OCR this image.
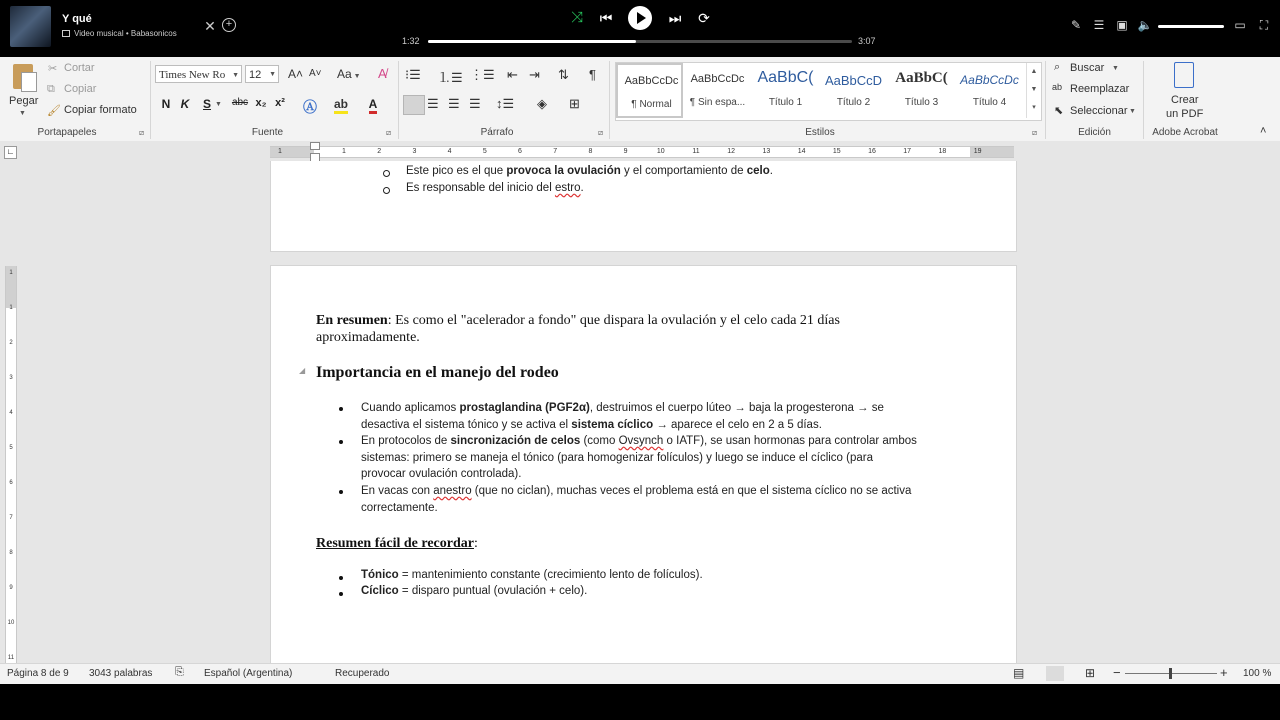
Y qué
Video musical • Babasonicos ✕ +	⤨ ⏮	⏭ ⟳
1:32	3:07
✎ ☰ ▣ 🔈	▭	⛶
Pegar
▼
✂ Cortar
⧉ Copiar
🖌 Copiar formato
Portapapeles	⧄
Times New Ro ▼ 12 ▼ A˄ A˅ Aa ▼ A̸
N K	S ▼ abc x₂ x² Ⓐ ab	A
Fuente	⧄
⁝☰ ⒈☰ ⋮☰ ⇤ ⇥ ⇅ ¶
☰ ☰ ☰ ↕☰ ◈ ⊞
Párrafo	⧄
AaBbCcDc
¶ Normal
AaBbCcDc
¶ Sin espa...
AaBbC(
Título 1
AaBbCcD
Título 2
AaBbC(
Título 3
AaBbCcDc
Título 4
▲
▼
▾
Estilos	⧄
⌕ Buscar ▼
ab Reemplazar
⬉ Seleccionar ▼
Edición
Crear
un PDF
Adobe Acrobat	˄
∟	1	1	2	3	4	5	6	7	8	9	10	11	12	13	14	15	16	17	18	19
1
1
2
3
4
5
6
7
8
9
10
11
Este pico es el que provoca la ovulación y el comportamiento de celo.
Es responsable del inicio del estro.
En resumen: Es como el "acelerador a fondo" que dispara la ovulación y el celo cada 21 días
aproximadamente.
◢ Importancia en el manejo del rodeo
Cuando aplicamos prostaglandina (PGF2α), destruimos el cuerpo lúteo → baja la progesterona → se
desactiva el sistema tónico y se activa el sistema cíclico → aparece el celo en 2 a 5 días.
En protocolos de sincronización de celos (como Ovsynch o IATF), se usan hormonas para controlar ambos
sistemas: primero se maneja el tónico (para homogenizar folículos) y luego se induce el cíclico (para
provocar ovulación controlada).
En vacas con anestro (que no ciclan), muchas veces el problema está en que el sistema cíclico no se activa
correctamente.
Resumen fácil de recordar:
Tónico = mantenimiento constante (crecimiento lento de folículos).
Cíclico = disparo puntual (ovulación + celo).
Página 8 de 9 3043 palabras ⎘ Español (Argentina)	Recuperado	▤	⊞ −	+ 100 %
